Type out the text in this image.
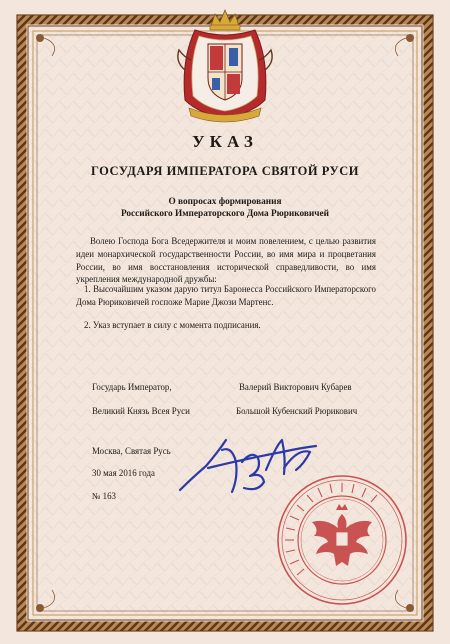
УКАЗ

ГОСУДАРЯ ИМПЕРАТОРА СВЯТОЙ РУСИ

О вопросах формирования

Российского Императорского Дома Рюриковичей

Волею Господа Бога Вседержителя и моим повелением, с целью развития идеи монархической государственности России, во имя мира и процветания России, во имя восстановления исторической справедливости, во имя укрепления международной дружбы:

1. Высочайшим указом дарую титул Баронесса Российского Императорского Дома Рюриковичей госпоже Марие Джози Мартенс.

2. Указ вступает в силу с момента подписания.

Государь Император,

Великий Князь Всея Руси

Валерий Викторович Кубарев

Большой Кубенский Рюрикович

Москва, Святая Русь

30 мая 2016 года

№ 163
